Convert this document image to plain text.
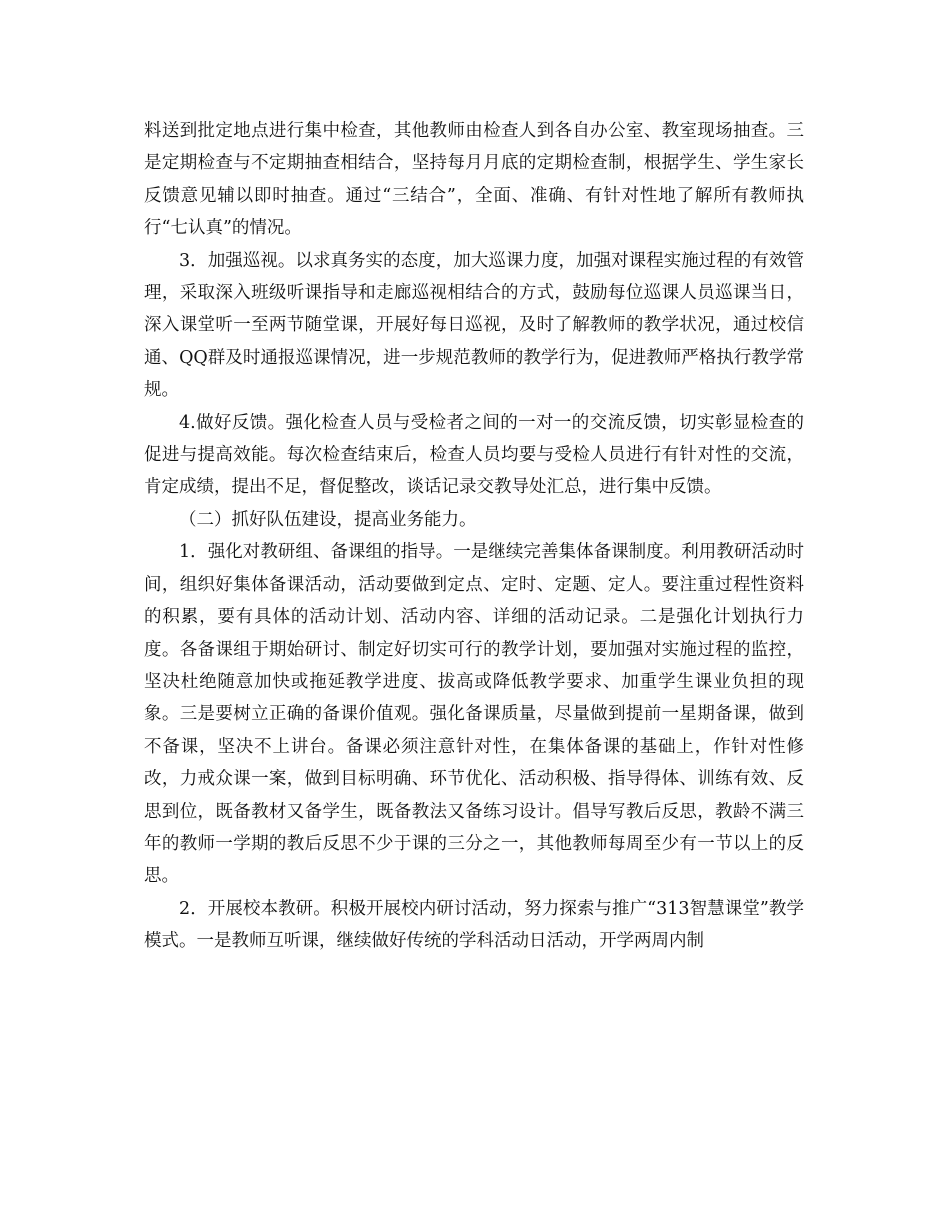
料送到批定地点进行集中检查，其他教师由检查人到各自办公室、教室现场抽查。三是定期检查与不定期抽查相结合，坚持每月月底的定期检查制，根据学生、学生家长反馈意见辅以即时抽查。通过“三结合”，全面、准确、有针对性地了解所有教师执行“七认真”的情况。

3．加强巡视。以求真务实的态度，加大巡课力度，加强对课程实施过程的有效管理，采取深入班级听课指导和走廊巡视相结合的方式，鼓励每位巡课人员巡课当日，深入课堂听一至两节随堂课，开展好每日巡视，及时了解教师的教学状况，通过校信通、QQ群及时通报巡课情况，进一步规范教师的教学行为，促进教师严格执行教学常规。

4.做好反馈。强化检查人员与受检者之间的一对一的交流反馈，切实彰显检查的促进与提高效能。每次检查结束后，检查人员均要与受检人员进行有针对性的交流，肯定成绩，提出不足，督促整改，谈话记录交教导处汇总，进行集中反馈。

（二）抓好队伍建设，提高业务能力。

1．强化对教研组、备课组的指导。一是继续完善集体备课制度。利用教研活动时间，组织好集体备课活动，活动要做到定点、定时、定题、定人。要注重过程性资料的积累，要有具体的活动计划、活动内容、详细的活动记录。二是强化计划执行力度。各备课组于期始研讨、制定好切实可行的教学计划，要加强对实施过程的监控，坚决杜绝随意加快或拖延教学进度、拔高或降低教学要求、加重学生课业负担的现象。三是要树立正确的备课价值观。强化备课质量，尽量做到提前一星期备课，做到不备课，坚决不上讲台。备课必须注意针对性，在集体备课的基础上，作针对性修改，力戒众课一案，做到目标明确、环节优化、活动积极、指导得体、训练有效、反思到位，既备教材又备学生，既备教法又备练习设计。倡导写教后反思，教龄不满三年的教师一学期的教后反思不少于课的三分之一，其他教师每周至少有一节以上的反思。

2．开展校本教研。积极开展校内研讨活动，努力探索与推广“313智慧课堂”教学模式。一是教师互听课，继续做好传统的学科活动日活动，开学两周内制
